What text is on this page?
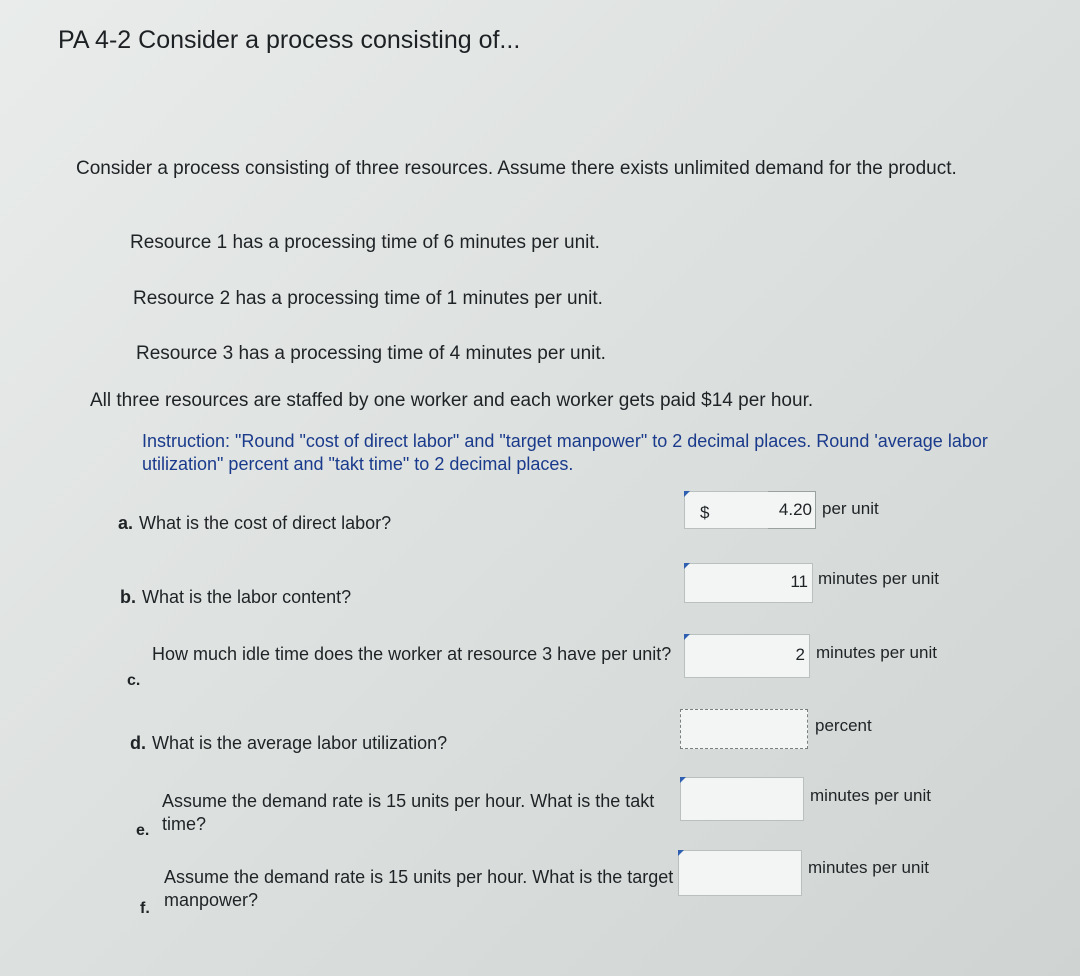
PA 4-2 Consider a process consisting of...
Consider a process consisting of three resources. Assume there exists unlimited demand for the product.
Resource 1 has a processing time of 6 minutes per unit.
Resource 2 has a processing time of 1 minutes per unit.
Resource 3 has a processing time of 4 minutes per unit.
All three resources are staffed by one worker and each worker gets paid $14 per hour.
Instruction: "Round "cost of direct labor" and "target manpower" to 2 decimal places. Round 'average labor utilization" percent and "takt time" to 2 decimal places.
a. What is the cost of direct labor?
$	4.20 per unit
b. What is the labor content?
11 minutes per unit
c.
How much idle time does the worker at resource 3 have per unit?	2 minutes per unit
d. What is the average labor utilization?
percent
e.
Assume the demand rate is 15 units per hour. What is the takt time?
minutes per unit
f.
Assume the demand rate is 15 units per hour. What is the target manpower?
minutes per unit
